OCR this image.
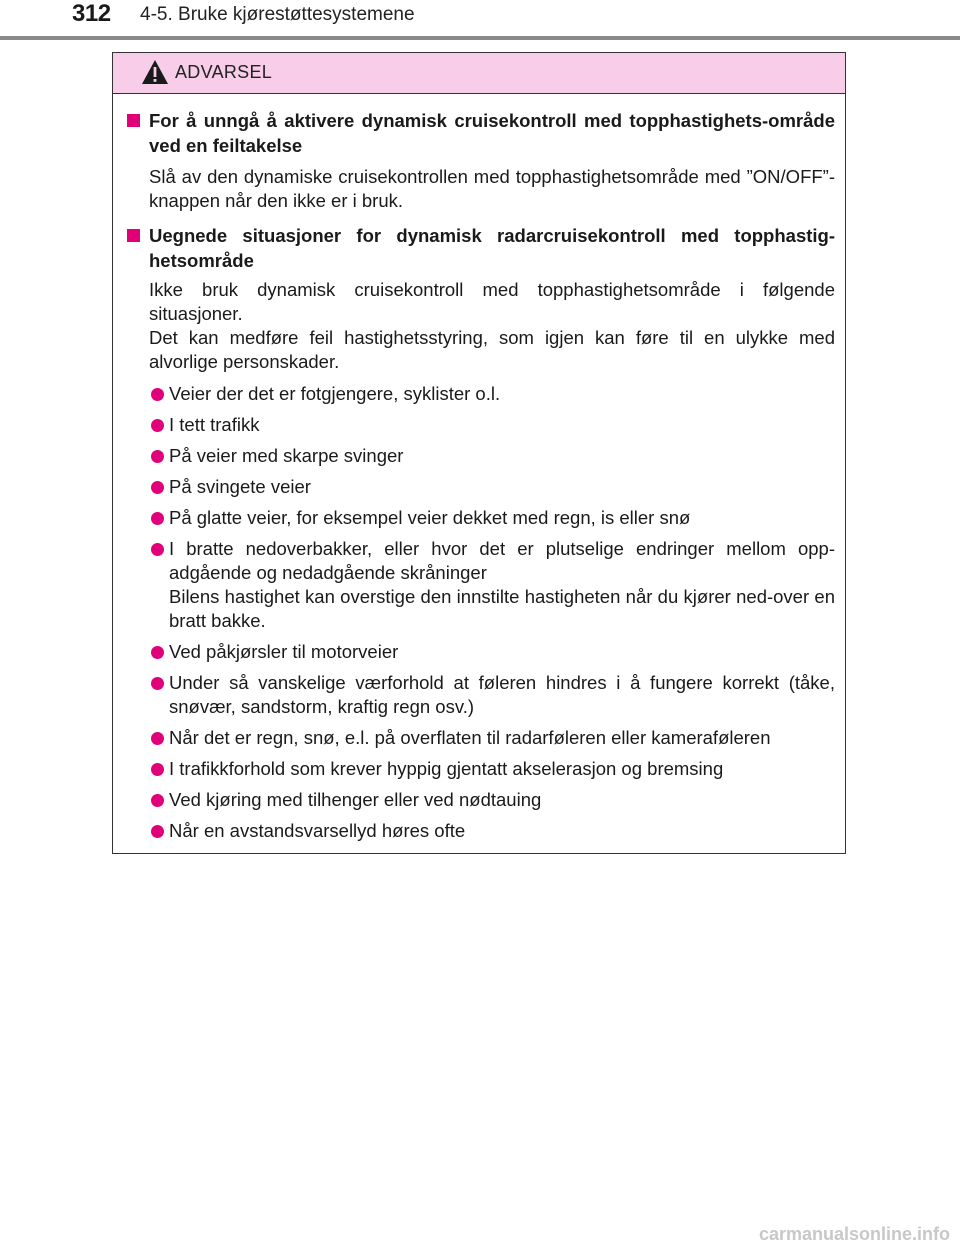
312 4-5. Bruke kjørestøttesystemene
ADVARSEL
For å unngå å aktivere dynamisk cruisekontroll med topphastighets-område ved en feiltakelse
Slå av den dynamiske cruisekontrollen med topphastighetsområde med ”ON/OFF”-knappen når den ikke er i bruk.
Uegnede situasjoner for dynamisk radarcruisekontroll med topphastig-hetsområde
Ikke bruk dynamisk cruisekontroll med topphastighetsområde i følgende situasjoner.
Det kan medføre feil hastighetsstyring, som igjen kan føre til en ulykke med alvorlige personskader.
Veier der det er fotgjengere, syklister o.l.
I tett trafikk
På veier med skarpe svinger
På svingete veier
På glatte veier, for eksempel veier dekket med regn, is eller snø
I bratte nedoverbakker, eller hvor det er plutselige endringer mellom opp-adgående og nedadgående skråninger
Bilens hastighet kan overstige den innstilte hastigheten når du kjører ned-over en bratt bakke.
Ved påkjørsler til motorveier
Under så vanskelige værforhold at føleren hindres i å fungere korrekt (tåke, snøvær, sandstorm, kraftig regn osv.)
Når det er regn, snø, e.l. på overflaten til radarføleren eller kameraføleren
I trafikkforhold som krever hyppig gjentatt akselerasjon og bremsing
Ved kjøring med tilhenger eller ved nødtauing
Når en avstandsvarsellyd høres ofte
carmanualsonline.info
